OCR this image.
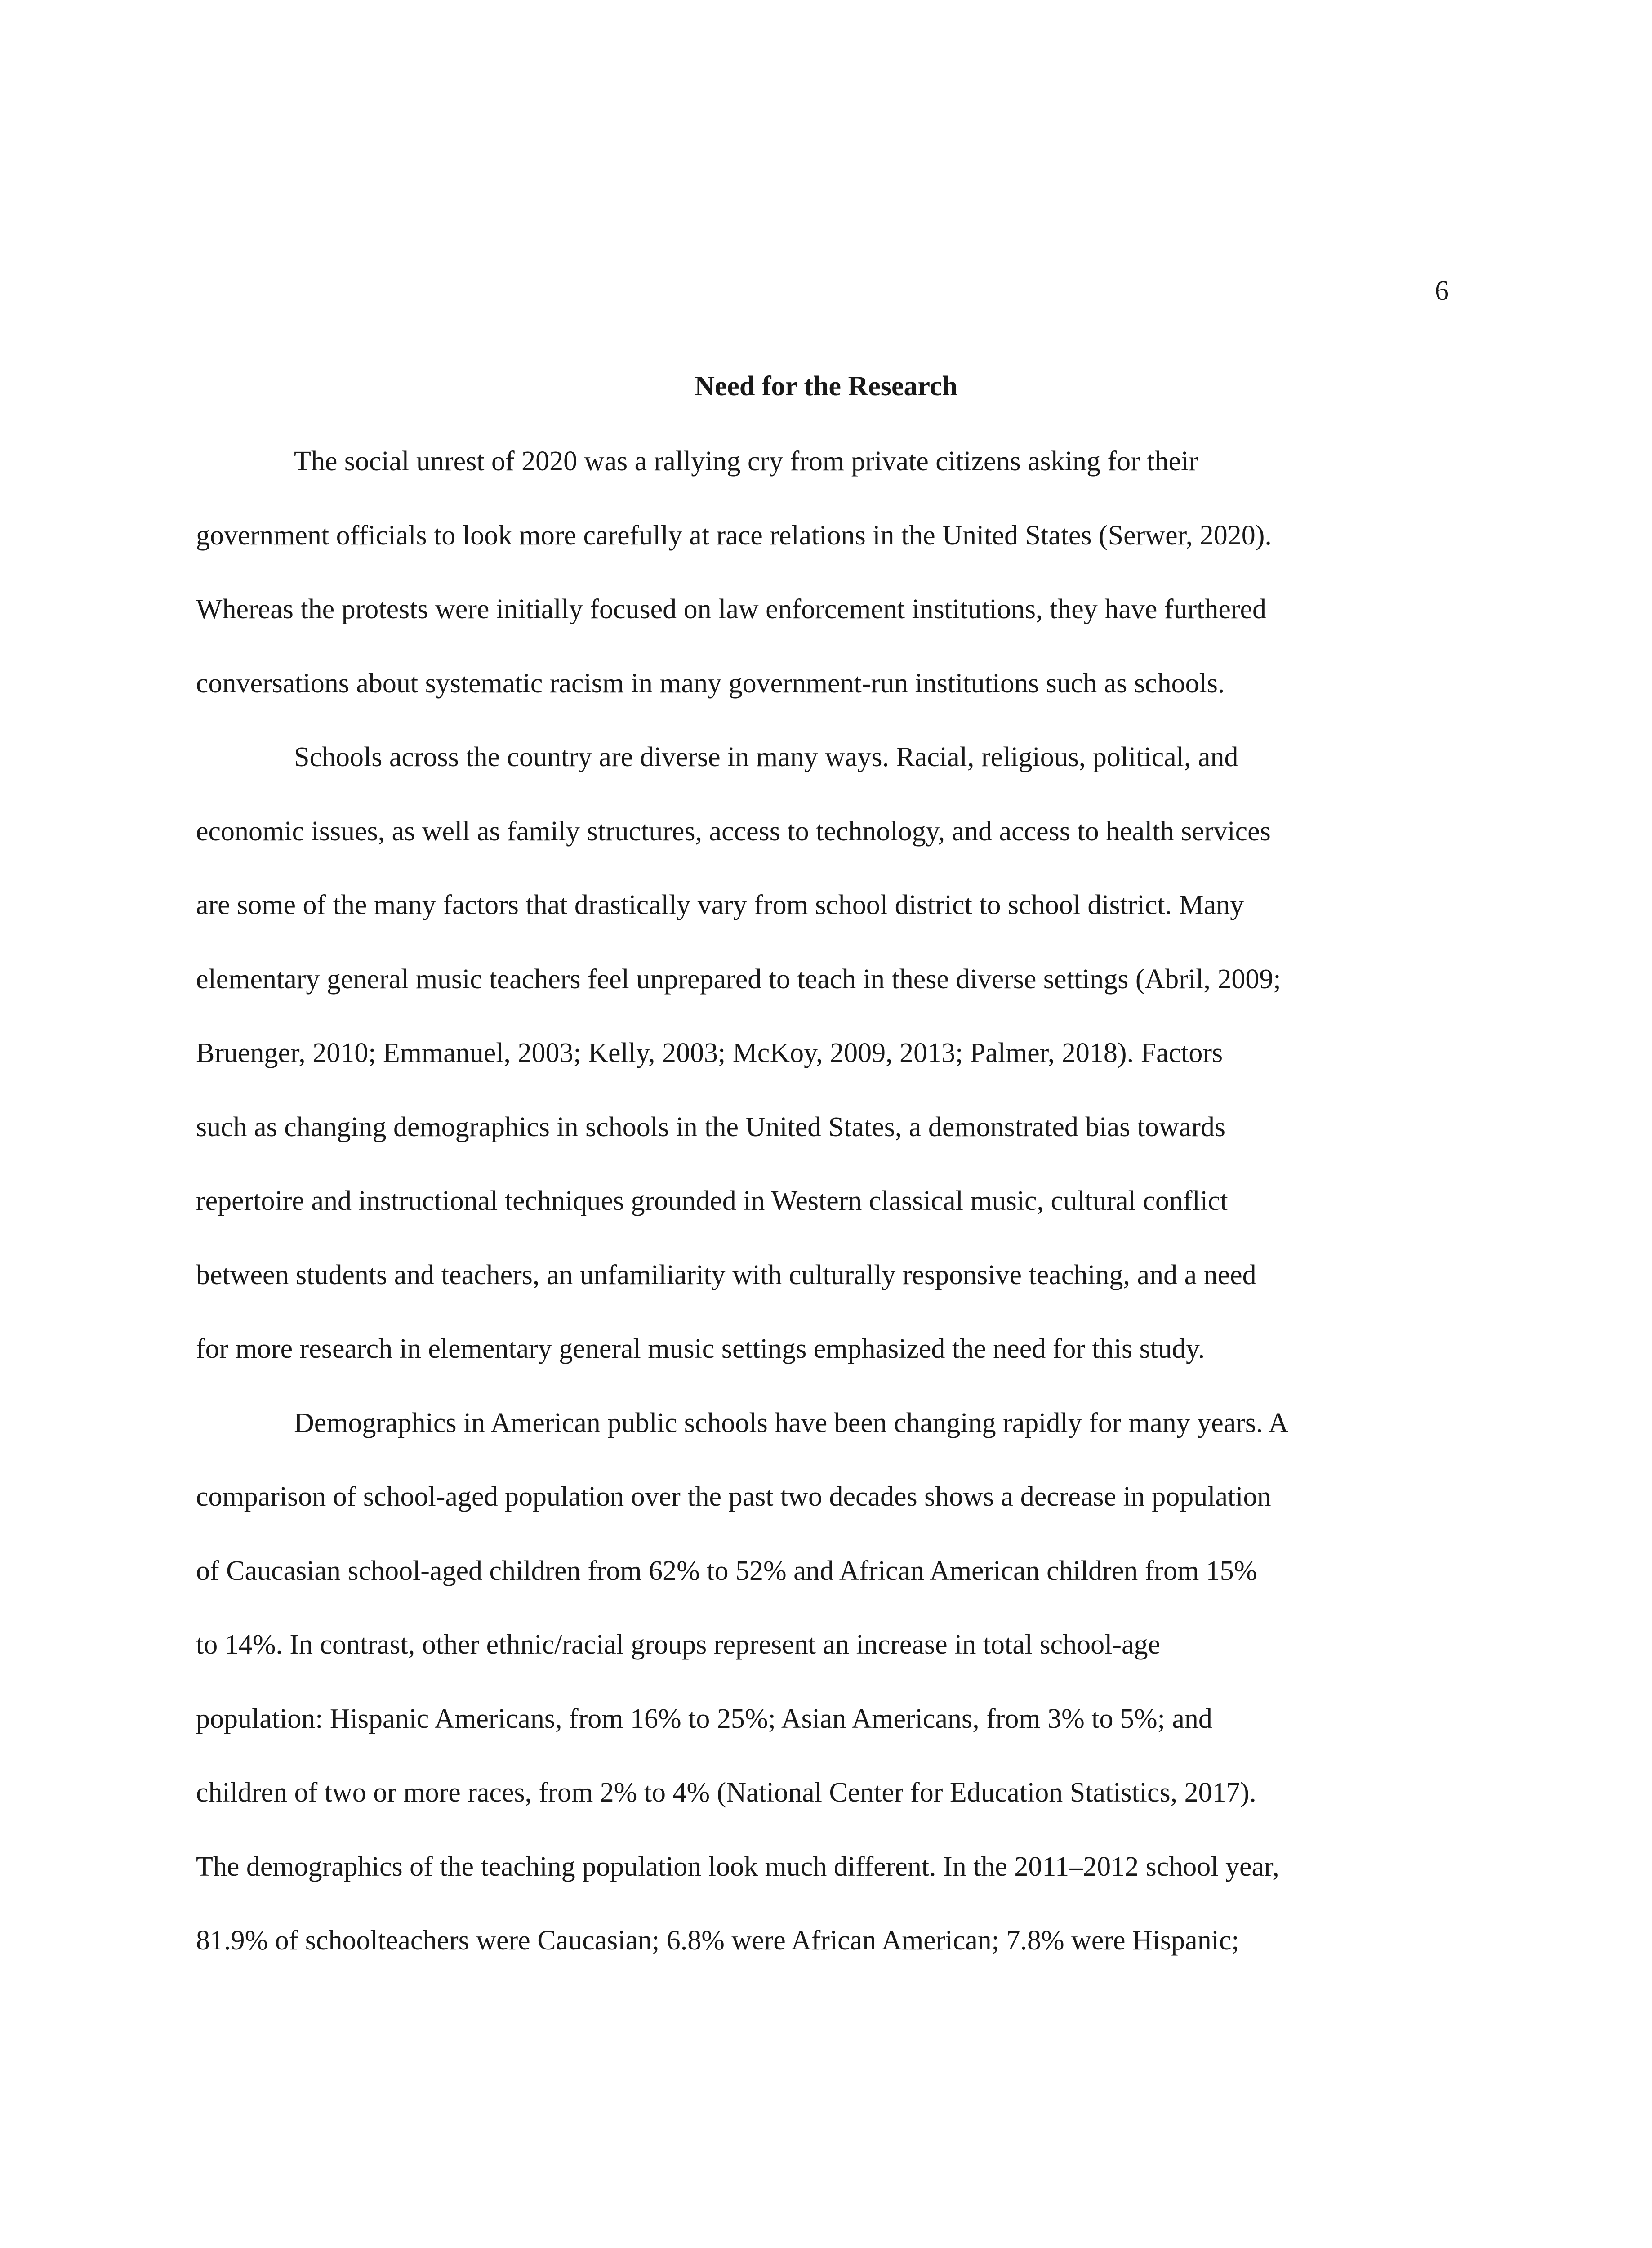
6
Need for the Research
The social unrest of 2020 was a rallying cry from private citizens asking for their
government officials to look more carefully at race relations in the United States (Serwer, 2020).
Whereas the protests were initially focused on law enforcement institutions, they have furthered
conversations about systematic racism in many government-run institutions such as schools.
Schools across the country are diverse in many ways. Racial, religious, political, and
economic issues, as well as family structures, access to technology, and access to health services
are some of the many factors that drastically vary from school district to school district. Many
elementary general music teachers feel unprepared to teach in these diverse settings (Abril, 2009;
Bruenger, 2010; Emmanuel, 2003; Kelly, 2003; McKoy, 2009, 2013; Palmer, 2018). Factors
such as changing demographics in schools in the United States, a demonstrated bias towards
repertoire and instructional techniques grounded in Western classical music, cultural conflict
between students and teachers, an unfamiliarity with culturally responsive teaching, and a need
for more research in elementary general music settings emphasized the need for this study.
Demographics in American public schools have been changing rapidly for many years. A
comparison of school-aged population over the past two decades shows a decrease in population
of Caucasian school-aged children from 62% to 52% and African American children from 15%
to 14%. In contrast, other ethnic/racial groups represent an increase in total school-age
population: Hispanic Americans, from 16% to 25%; Asian Americans, from 3% to 5%; and
children of two or more races, from 2% to 4% (National Center for Education Statistics, 2017).
The demographics of the teaching population look much different. In the 2011–2012 school year,
81.9% of schoolteachers were Caucasian; 6.8% were African American; 7.8% were Hispanic;
